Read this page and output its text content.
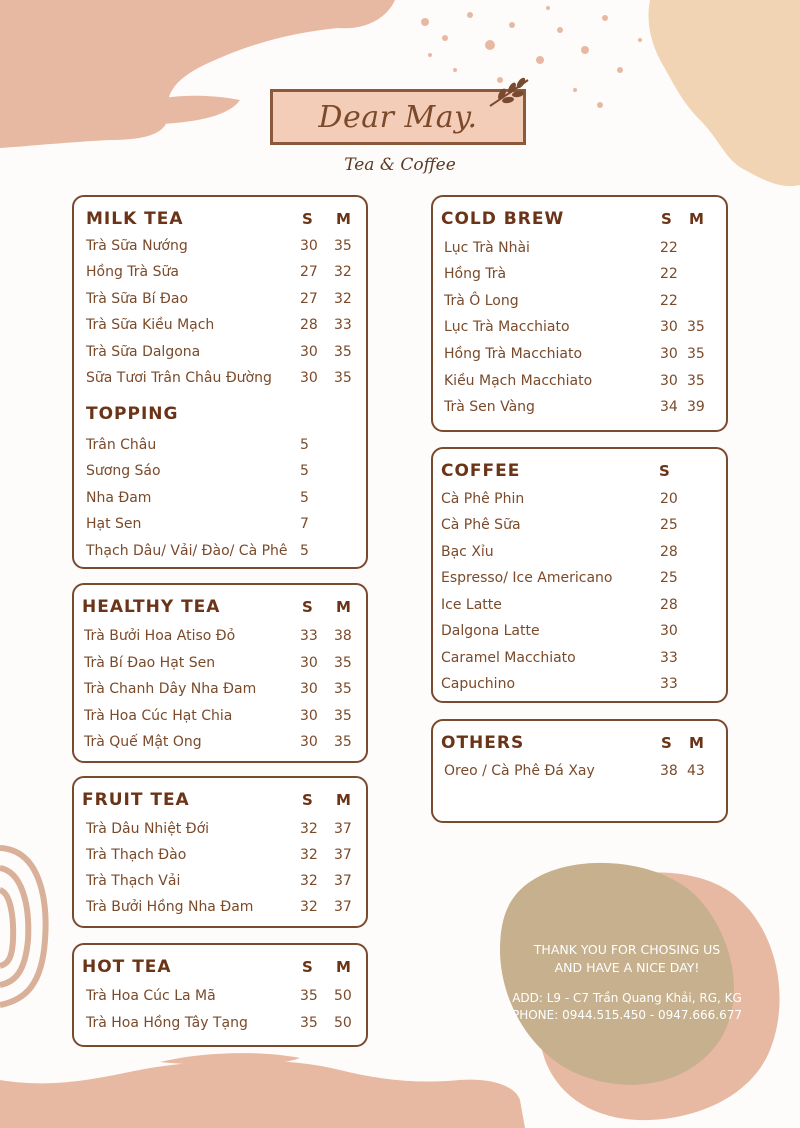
Dear May.
Tea & Coffee
MILK TEA	S M
Trà Sữa Nướng	30 35
Hồng Trà Sữa	27 32
Trà Sữa Bí Đao	27 32
Trà Sữa Kiều Mạch	28 33
Trà Sữa Dalgona	30 35
Sữa Tươi Trân Châu Đường 30 35
TOPPING
Trân Châu	5
Sương Sáo	5
Nha Đam	5
Hạt Sen	7
Thạch Dâu/ Vải/ Đào/ Cà Phê 5
HEALTHY TEA	S M
Trà Bưởi Hoa Atiso Đỏ	33 38
Trà Bí Đao Hạt Sen	30 35
Trà Chanh Dây Nha Đam	30 35
Trà Hoa Cúc Hạt Chia	30 35
Trà Quế Mật Ong	30 35
FRUIT TEA	S M
Trà Dâu Nhiệt Đới	32 37
Trà Thạch Đào	32 37
Trà Thạch Vải	32 37
Trà Bưởi Hồng Nha Đam	32 37
HOT TEA	S M
Trà Hoa Cúc La Mã	35 50
Trà Hoa Hồng Tây Tạng	35 50
COLD BREW	S M
Lục Trà Nhài	22
Hồng Trà	22
Trà Ô Long	22
Lục Trà Macchiato	30 35
Hồng Trà Macchiato	30 35
Kiều Mạch Macchiato	30 35
Trà Sen Vàng	34 39
COFFEE	S
Cà Phê Phin	20
Cà Phê Sữa	25
Bạc Xỉu	28
Espresso/ Ice Americano	25
Ice Latte	28
Dalgona Latte	30
Caramel Macchiato	33
Capuchino	33
OTHERS	S M
Oreo / Cà Phê Đá Xay	38 43
THANK YOU FOR CHOSING US
AND HAVE A NICE DAY!
ADD: L9 - C7 Trần Quang Khải, RG, KG
PHONE: 0944.515.450 - 0947.666.677
